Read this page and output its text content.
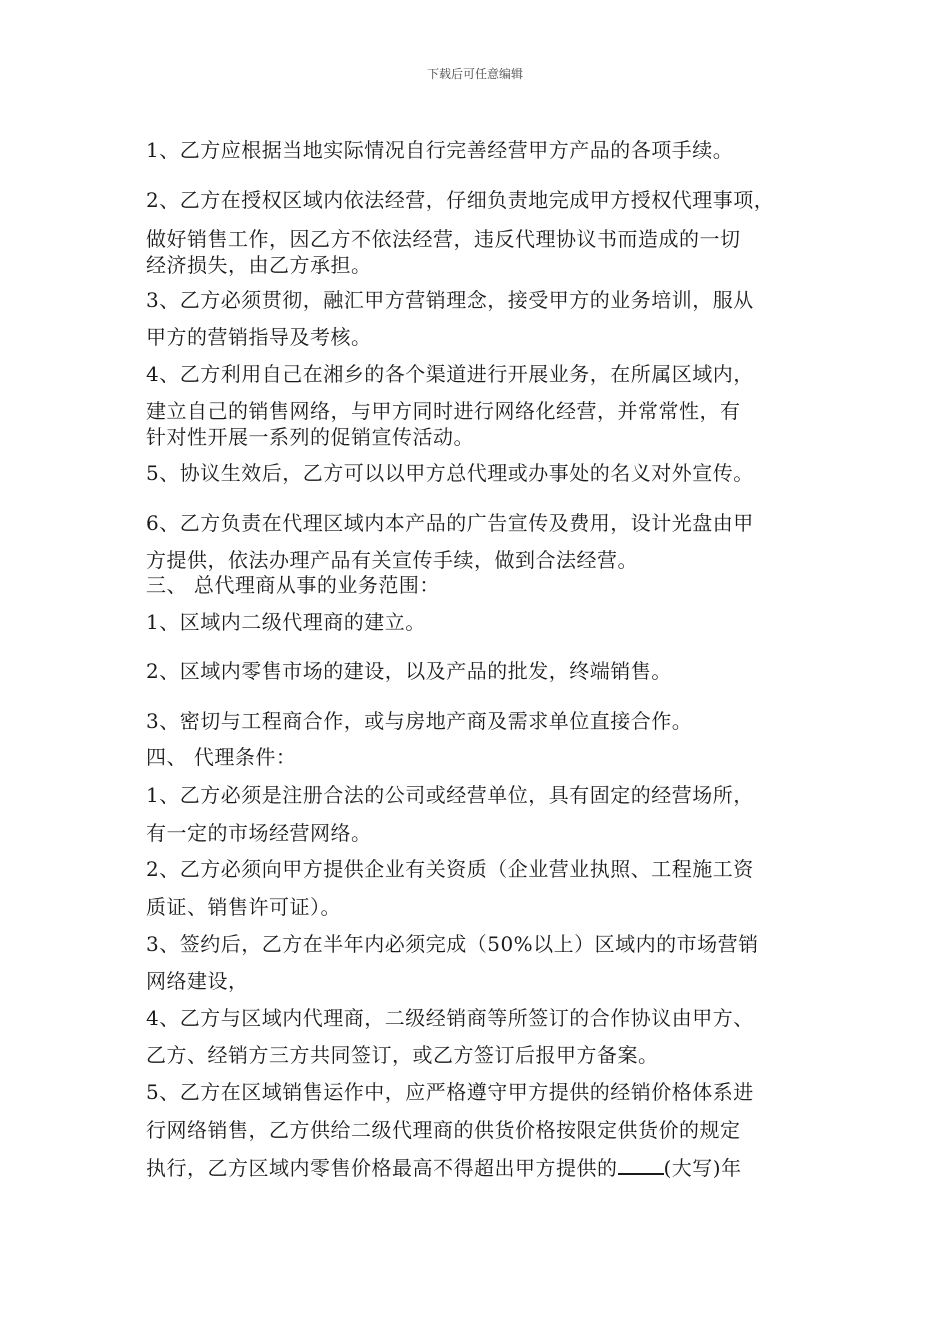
下载后可任意编辑
1、乙方应根据当地实际情况自行完善经营甲方产品的各项手续。
2、乙方在授权区域内依法经营，仔细负责地完成甲方授权代理事项，
做好销售工作，因乙方不依法经营，违反代理协议书而造成的一切
经济损失，由乙方承担。
3、乙方必须贯彻，融汇甲方营销理念，接受甲方的业务培训，服从
甲方的营销指导及考核。
4、乙方利用自己在湘乡的各个渠道进行开展业务，在所属区域内，
建立自己的销售网络，与甲方同时进行网络化经营，并常常性，有
针对性开展一系列的促销宣传活动。
5、协议生效后，乙方可以以甲方总代理或办事处的名义对外宣传。
6、乙方负责在代理区域内本产品的广告宣传及费用，设计光盘由甲
方提供，依法办理产品有关宣传手续，做到合法经营。
三、 总代理商从事的业务范围：
1、区域内二级代理商的建立。
2、区域内零售市场的建设，以及产品的批发，终端销售。
3、密切与工程商合作，或与房地产商及需求单位直接合作。
四、 代理条件：
1、乙方必须是注册合法的公司或经营单位，具有固定的经营场所，
有一定的市场经营网络。
2、乙方必须向甲方提供企业有关资质（企业营业执照、工程施工资
质证、销售许可证）。
3、签约后，乙方在半年内必须完成（50%以上）区域内的市场营销
网络建设，
4、乙方与区域内代理商，二级经销商等所签订的合作协议由甲方、
乙方、经销方三方共同签订，或乙方签订后报甲方备案。
5、乙方在区域销售运作中，应严格遵守甲方提供的经销价格体系进
行网络销售，乙方供给二级代理商的供货价格按限定供货价的规定
执行，乙方区域内零售价格最高不得超出甲方提供的 (大写)年
